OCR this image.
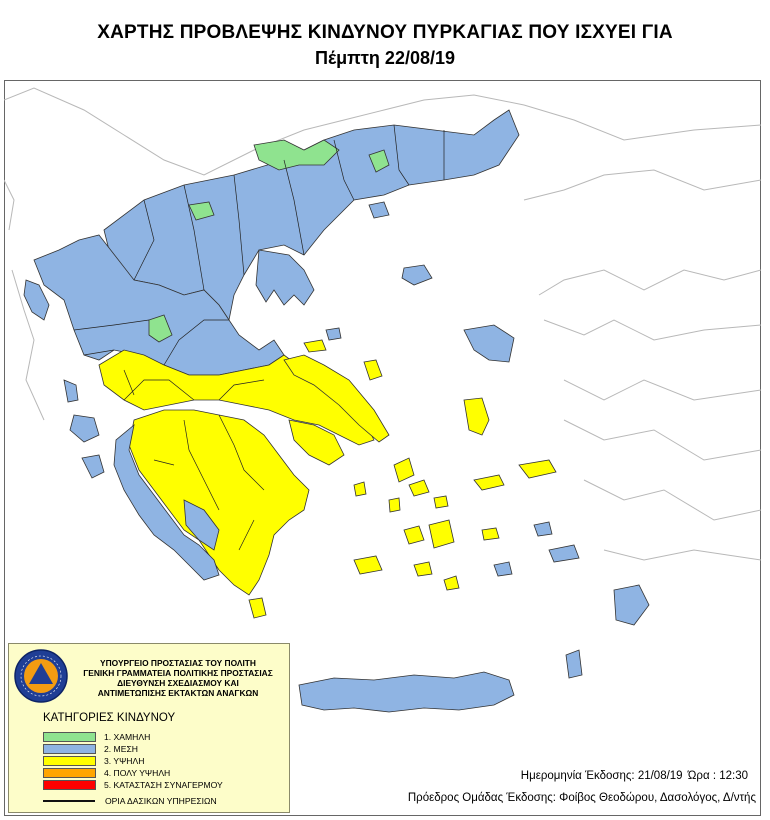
ΧΑΡΤΗΣ ΠΡΟΒΛΕΨΗΣ ΚΙΝΔΥΝΟΥ ΠΥΡΚΑΓΙΑΣ ΠΟΥ ΙΣΧΥΕΙ ΓΙΑ
Πέμπτη 22/08/19
ΥΠΟΥΡΓΕΙΟ ΠΡΟΣΤΑΣΙΑΣ ΤΟΥ ΠΟΛΙΤΗ
ΓΕΝΙΚΗ ΓΡΑΜΜΑΤΕΙΑ ΠΟΛΙΤΙΚΗΣ ΠΡΟΣΤΑΣΙΑΣ
ΔΙΕΥΘΥΝΣΗ ΣΧΕΔΙΑΣΜΟΥ ΚΑΙ
ΑΝΤΙΜΕΤΩΠΙΣΗΣ ΕΚΤΑΚΤΩΝ ΑΝΑΓΚΩΝ
ΚΑΤΗΓΟΡΙΕΣ ΚΙΝΔΥΝΟΥ
1. ΧΑΜΗΛΗ
2. ΜΕΣΗ
3. ΥΨΗΛΗ
4. ΠΟΛΥ ΥΨΗΛΗ
5. ΚΑΤΑΣΤΑΣΗ ΣΥΝΑΓΕΡΜΟΥ
ΟΡΙΑ ΔΑΣΙΚΩΝ ΥΠΗΡΕΣΙΩΝ
Ημερομηνία Έκδοσης: 21/08/19 Ώρα : 12:30
Πρόεδρος Ομάδας Έκδοσης: Φοίβος Θεοδώρου, Δασολόγος, Δ/ντής
